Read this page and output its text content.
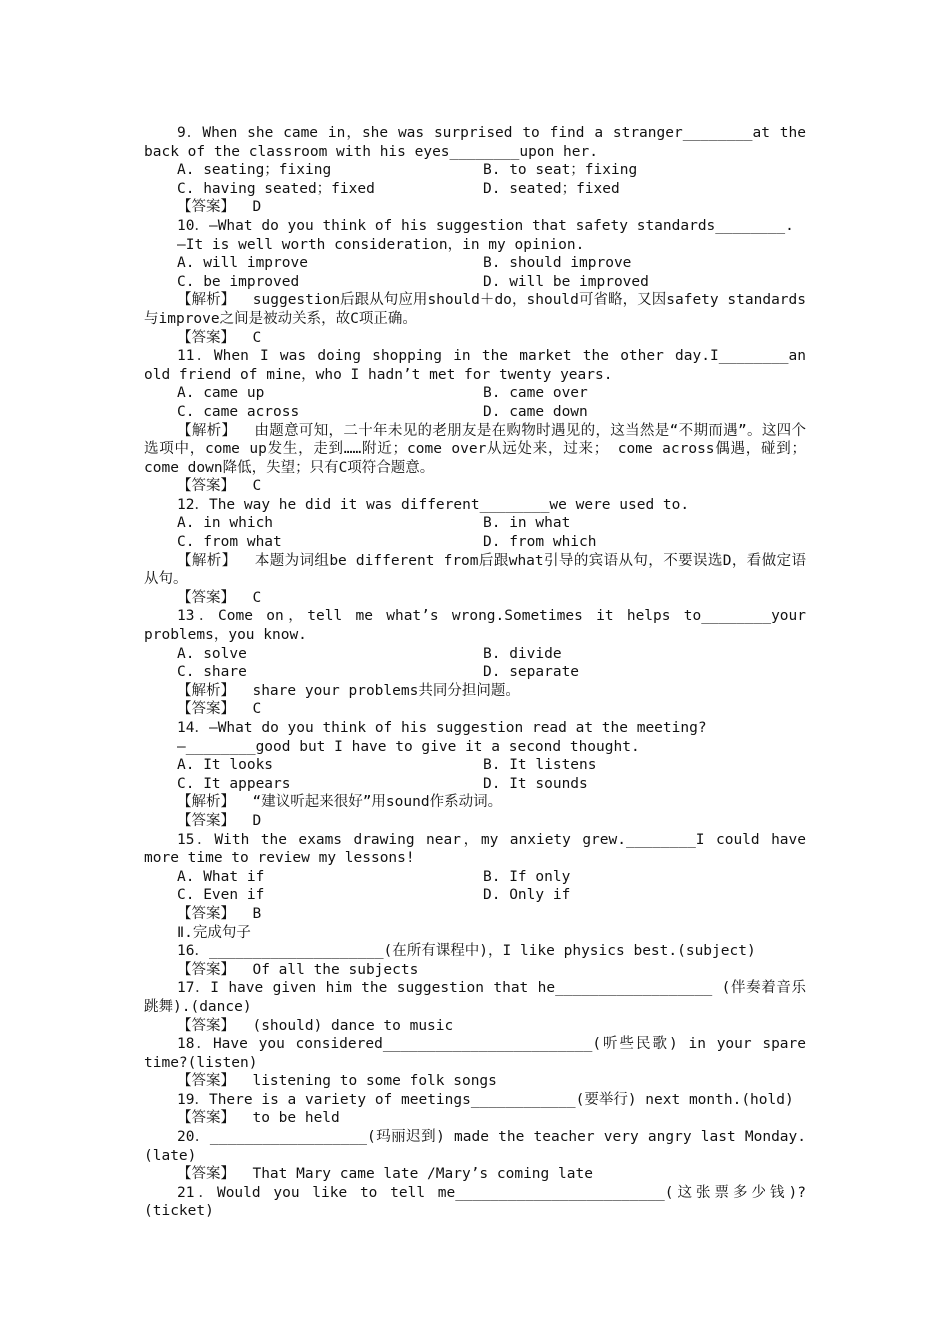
9．When she came in，she was surprised to find a stranger________at the back of the classroom with his eyes________upon her.
A. seating；fixing	B. to seat；fixing
C. having seated；fixed	D. seated；fixed
【答案】  D
10．—What do you think of his suggestion that safety standards________.
—It is well worth consideration，in my opinion.
A. will improve	B. should improve
C. be improved	D. will be improved
【解析】  suggestion后跟从句应用should＋do，should可省略，又因safety standards与improve之间是被动关系，故C项正确。
【答案】  C
11．When I was doing shopping in the market the other day.I________an old friend of mine，who I hadn’t met for twenty years.
A. came up	B. came over
C. came across	D. came down
【解析】  由题意可知，二十年未见的老朋友是在购物时遇见的，这当然是“不期而遇”。这四个选项中，come up发生，走到……附近；come over从远处来，过来； come across偶遇，碰到；come down降低，失望；只有C项符合题意。
【答案】  C
12．The way he did it was different________we were used to.
A. in which	B. in what
C. from what	D. from which
【解析】  本题为词组be different from后跟what引导的宾语从句，不要误选D，看做定语从句。
【答案】  C
13．Come on，tell me what’s wrong.Sometimes it helps to________your problems，you know.
A. solve	B. divide
C. share	D. separate
【解析】  share your problems共同分担问题。
【答案】  C
14．—What do you think of his suggestion read at the meeting?
—________good but I have to give it a second thought.
A. It looks	B. It listens
C. It appears	D. It sounds
【解析】  “建议听起来很好”用sound作系动词。
【答案】  D
15．With the exams drawing near，my anxiety grew.________I could have more time to review my lessons!
A. What if	B. If only
C. Even if	D. Only if
【答案】  B
Ⅱ.完成句子
16．____________________(在所有课程中)，I like physics best.(subject)
【答案】  Of all the subjects
17．I have given him the suggestion that he__________________ (伴奏着音乐跳舞).(dance)
【答案】  (should) dance to music
18．Have you considered________________________(听些民歌) in your spare time?(listen)
【答案】  listening to some folk songs
19．There is a variety of meetings____________(要举行) next month.(hold)
【答案】  to be held
20．__________________(玛丽迟到) made the teacher very angry last Monday.(late)
【答案】  That Mary came late /Mary’s coming late
21．Would you like to tell me________________________(这张票多少钱)?(ticket)
